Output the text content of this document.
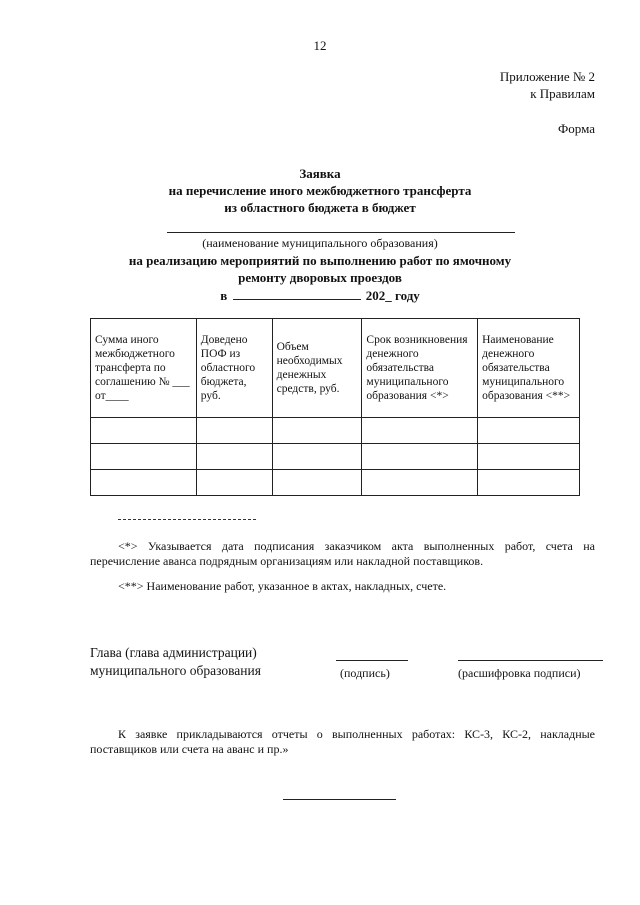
12
Приложение № 2
к Правилам
Форма
Заявка
на перечисление иного межбюджетного трансферта
из областного бюджета в бюджет
(наименование муниципального образования)
на реализацию мероприятий по выполнению работ по ямочному
ремонту дворовых проездов
в	202_ году
Сумма иного межбюджетного трансферта по соглашению № ___ от____	Доведено ПОФ из областного бюджета, руб.	Объем необходимых денежных средств, руб.	Срок возникновения денежного обязательства муниципального образования <*>	Наименование денежного обязательства муниципального образования <**>

<*> Указывается дата подписания заказчиком акта выполненных работ, счета на перечисление аванса подрядным организациям или накладной поставщиков.
<**> Наименование работ, указанное в актах, накладных, счете.
Глава (глава администрации)
муниципального образования	(подпись)	(расшифровка подписи)
К заявке прикладываются отчеты о выполненных работах: КС-3, КС-2, накладные поставщиков или счета на аванс и пр.»
